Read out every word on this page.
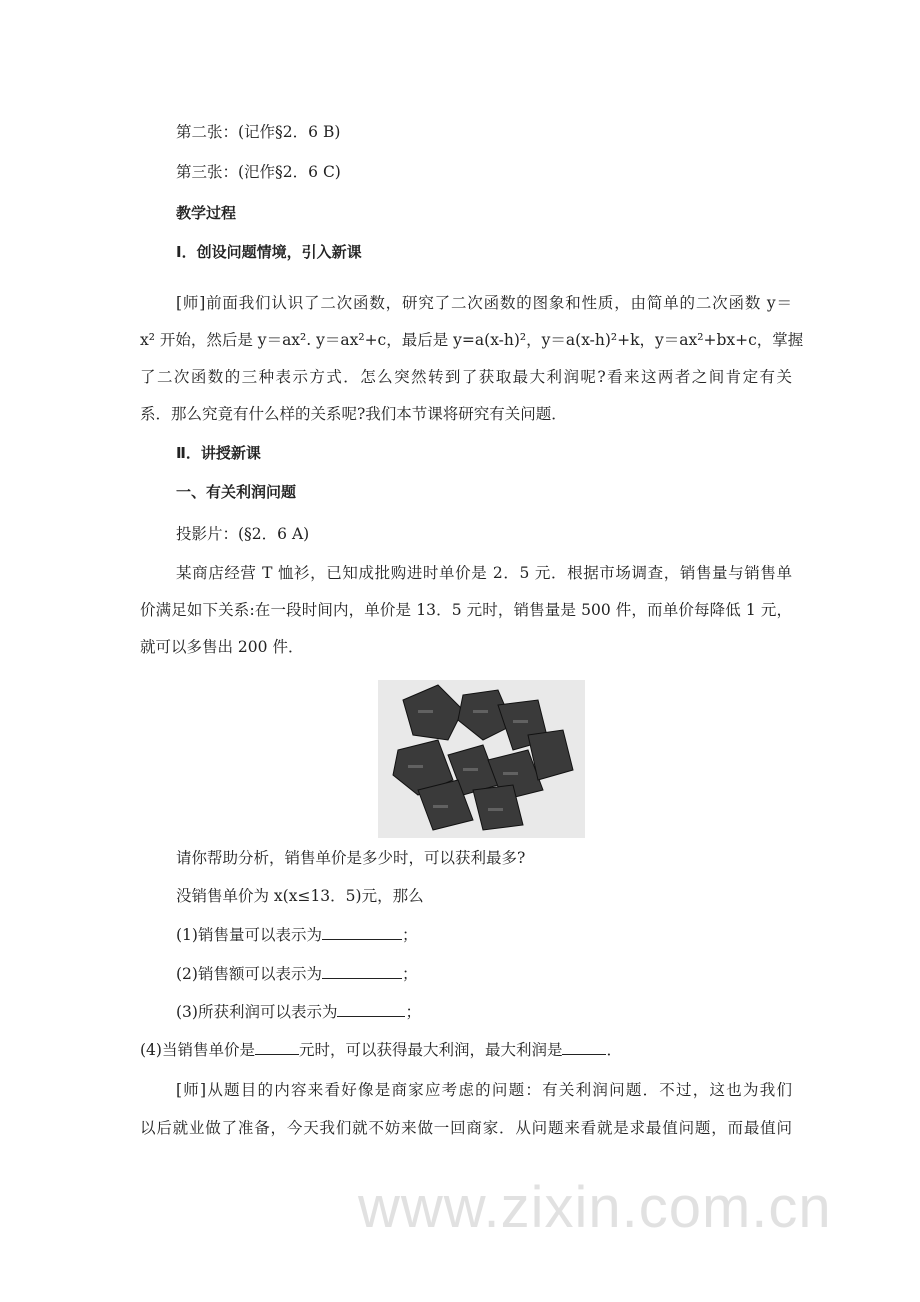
www.zixin.com.cn
第二张：(记作§2．6 B)
第三张：(汜作§2．6 C)
教学过程
Ⅰ．创设问题情境，引入新课
[师]前面我们认识了二次函数，研究了二次函数的图象和性质，由简单的二次函数 y＝
x² 开始，然后是 y＝ax². y＝ax²+c，最后是 y=a(x-h)²，y＝a(x-h)²+k，y＝ax²+bx+c，掌握
了二次函数的三种表示方式．怎么突然转到了获取最大利润呢?看来这两者之间肯定有关
系．那么究竟有什么样的关系呢?我们本节课将研究有关问题．
Ⅱ．讲授新课
一、有关利润问题
投影片：(§2．6 A)
某商店经营 T 恤衫，已知成批购进时单价是 2．5 元．根据市场调查，销售量与销售单
价满足如下关系:在一段时间内，单价是 13．5 元时，销售量是 500 件，而单价每降低 1 元，
就可以多售出 200 件．
请你帮助分析，销售单价是多少时，可以获利最多?
没销售单价为 x(x≤13．5)元，那么
(1)销售量可以表示为	；
(2)销售额可以表示为	；
(3)所获利润可以表示为	；
(4)当销售单价是	元时，可以获得最大利润，最大利润是	．
[师]从题目的内容来看好像是商家应考虑的问题：有关利润问题．不过，这也为我们
以后就业做了准备，今天我们就不妨来做一回商家．从问题来看就是求最值问题，而最值问
